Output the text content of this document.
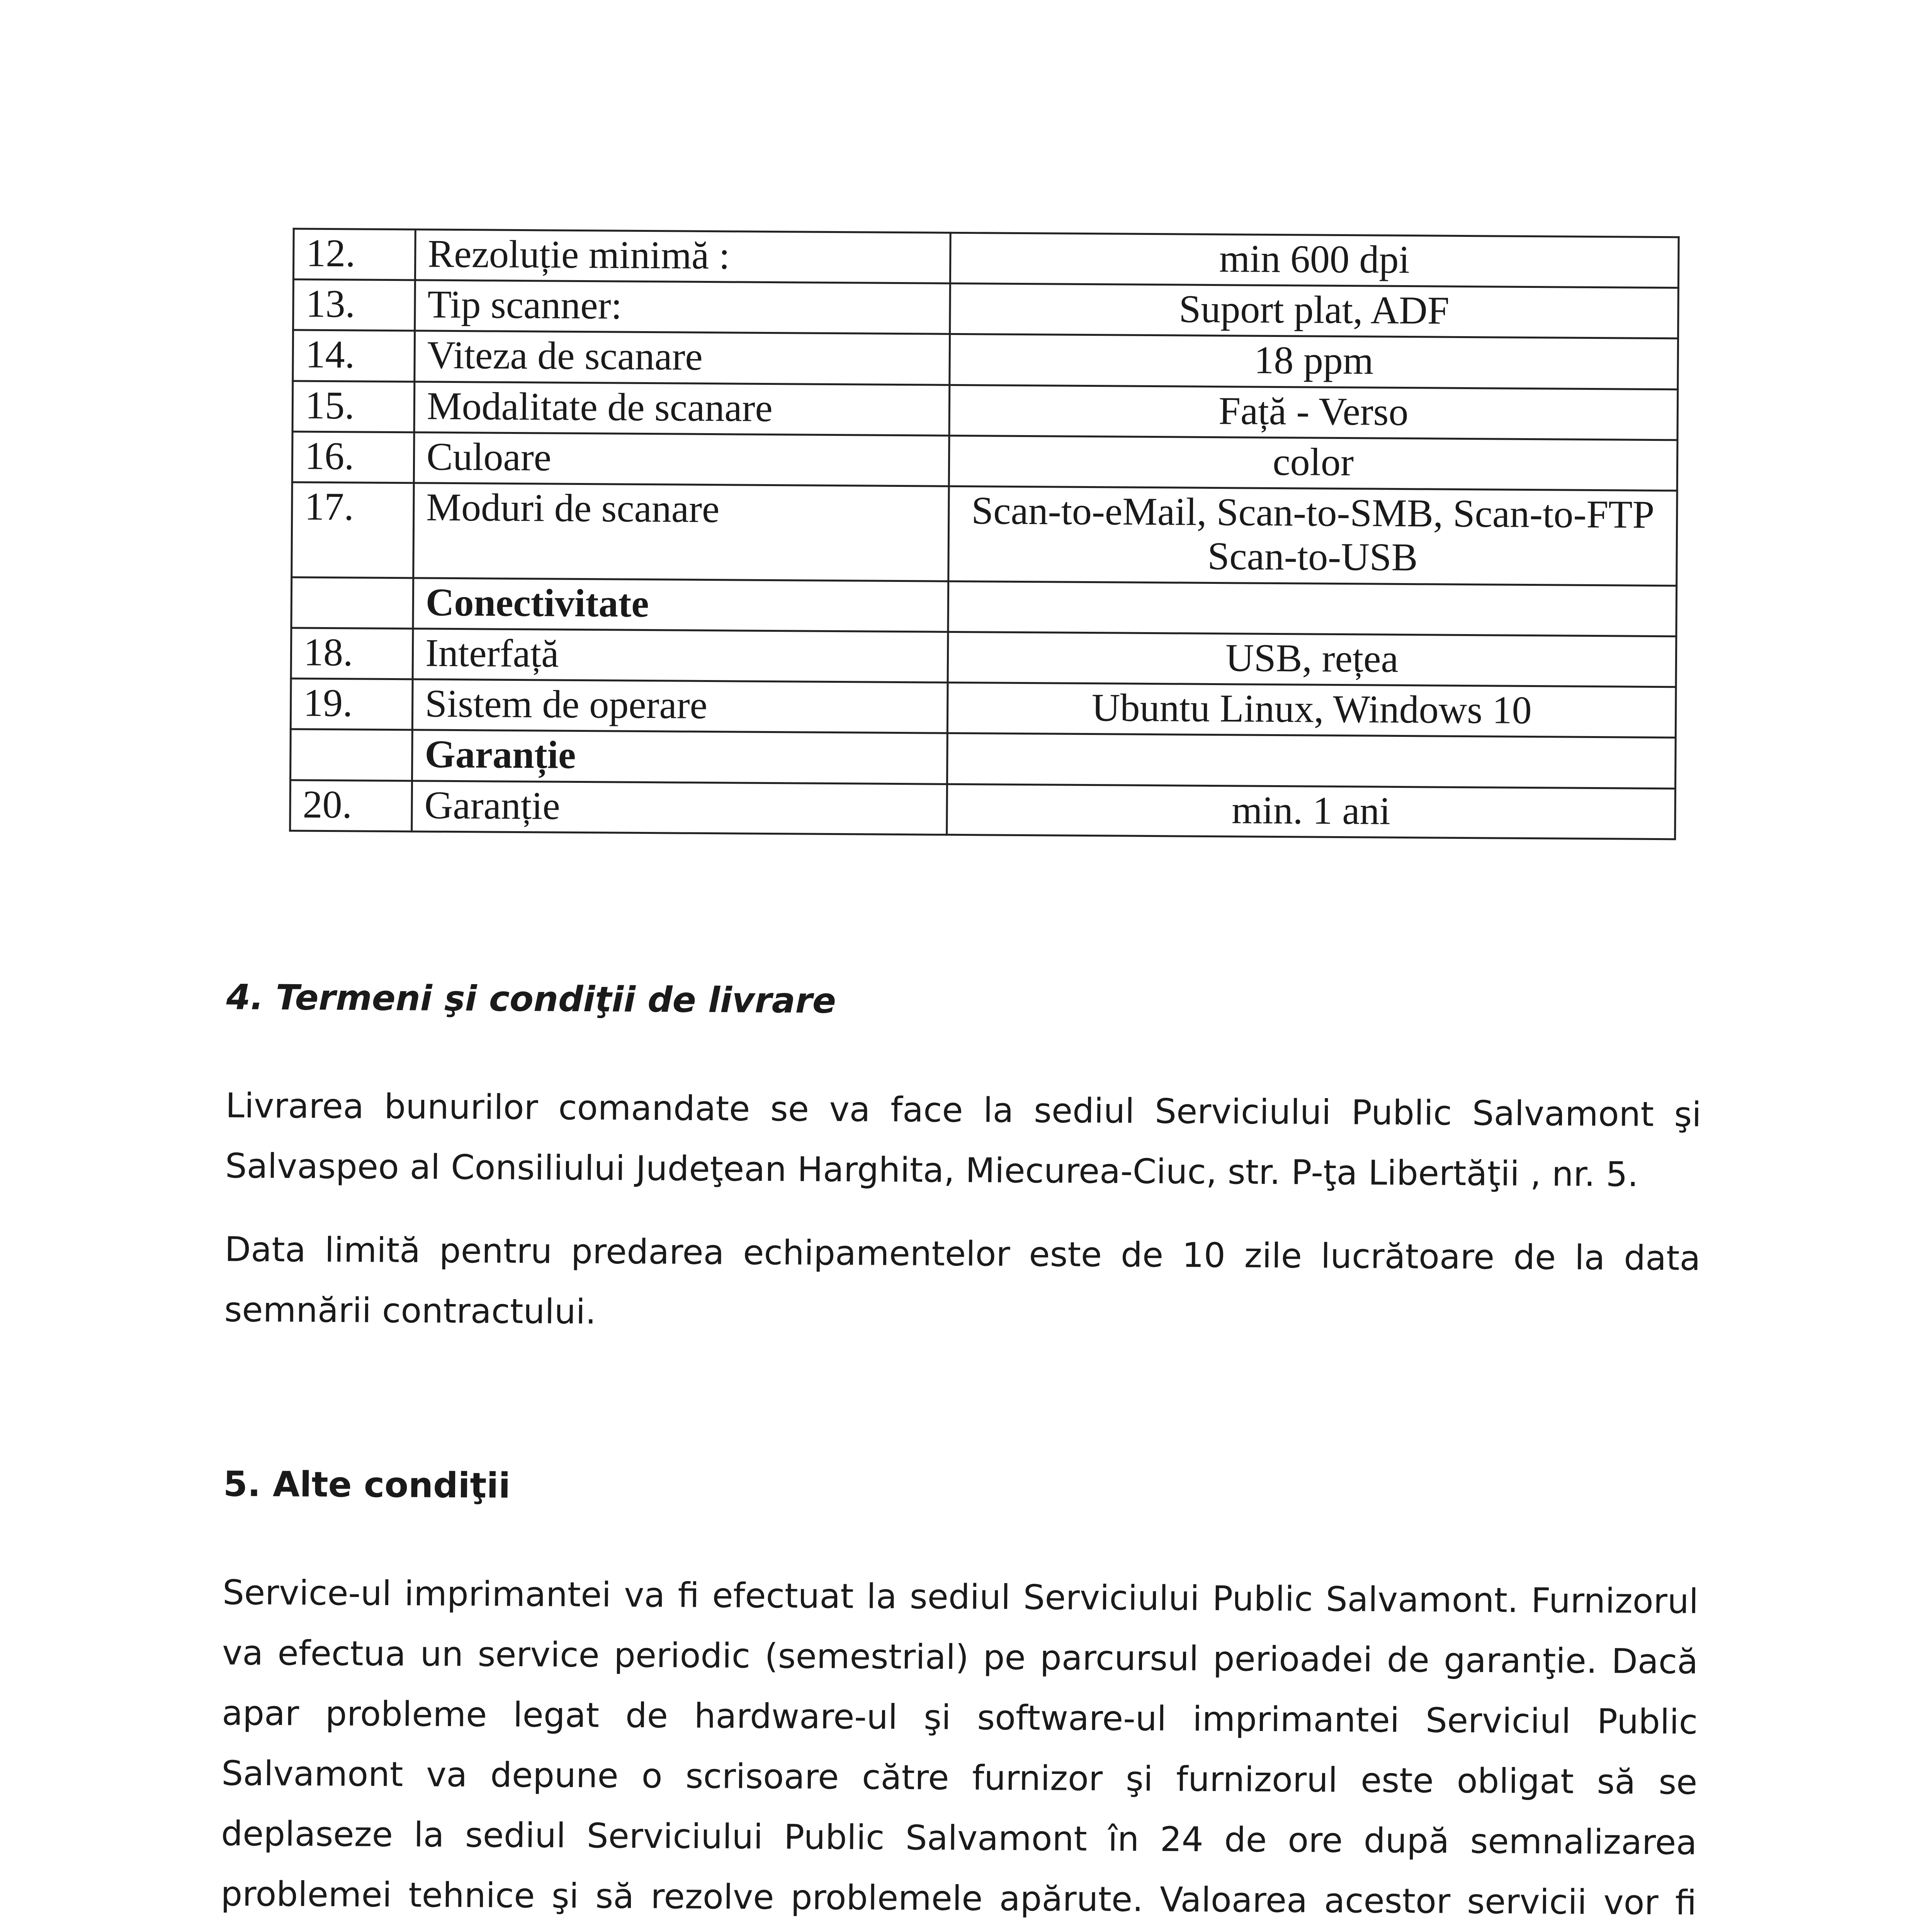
12.	Rezoluție minimă :	min 600 dpi
13.	Tip scanner:	Suport plat, ADF
14.	Viteza de scanare	18 ppm
15.	Modalitate de scanare	Față - Verso
16.	Culoare	color
17.	Moduri de scanare	Scan-to-eMail, Scan-to-SMB, Scan-to-FTP Scan-to-USB
	Conectivitate	
18.	Interfață	USB, rețea
19.	Sistem de operare	Ubuntu Linux, Windows 10
	Garanție	
20.	Garanție	min. 1 ani
4. Termeni şi condiţii de livrare

Livrarea bunurilor comandate se va face la sediul Serviciului Public Salvamont şi Salvaspeo al Consiliului Judeţean Harghita, Miecurea-Ciuc, str. P-ţa Libertăţii , nr. 5.

Data limită pentru predarea echipamentelor este de 10 zile lucrătoare de la data semnării contractului.

5. Alte condiţii

Service-ul imprimantei va fi efectuat la sediul Serviciului Public Salvamont. Furnizorul va efectua un service periodic (semestrial) pe parcursul perioadei de garanţie. Dacă apar probleme legat de hardware-ul şi software-ul imprimantei Serviciul Public Salvamont va depune o scrisoare către furnizor şi furnizorul este obligat să se deplaseze la sediul Serviciului Public Salvamont în 24 de ore după semnalizarea problemei tehnice şi să rezolve problemele apărute. Valoarea acestor servicii vor fi
